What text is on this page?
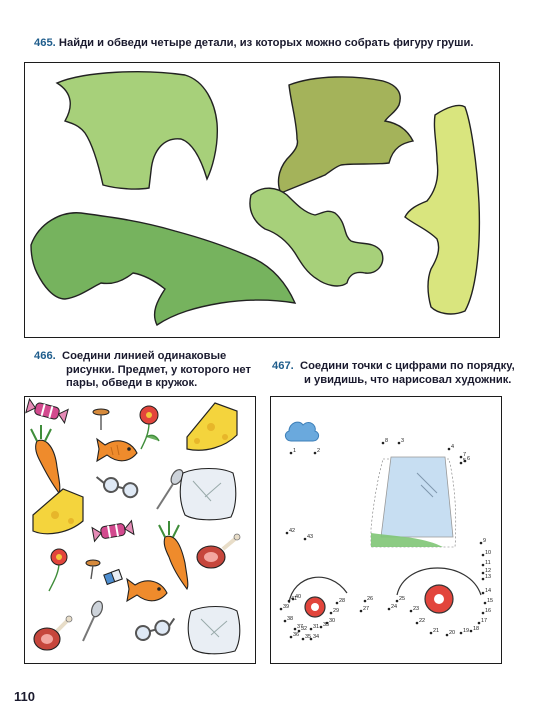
465. Найди и обведи четыре детали, из которых можно собрать фигуру груши.
466. Соедини линией одинаковые
рисунки. Предмет, у которого нет
пары, обведи в кружок.
467. Соедини точки с цифрами по порядку,
и увидишь, что нарисовал художник.
1	2
3
4
6
7
8
9
10
11
12
13
14
15
16
17
18
19
20
21
22
23
24
25
26
27
28
29
30
31
32
33
34
35
36
37
38
39
40
41
42
43
110
